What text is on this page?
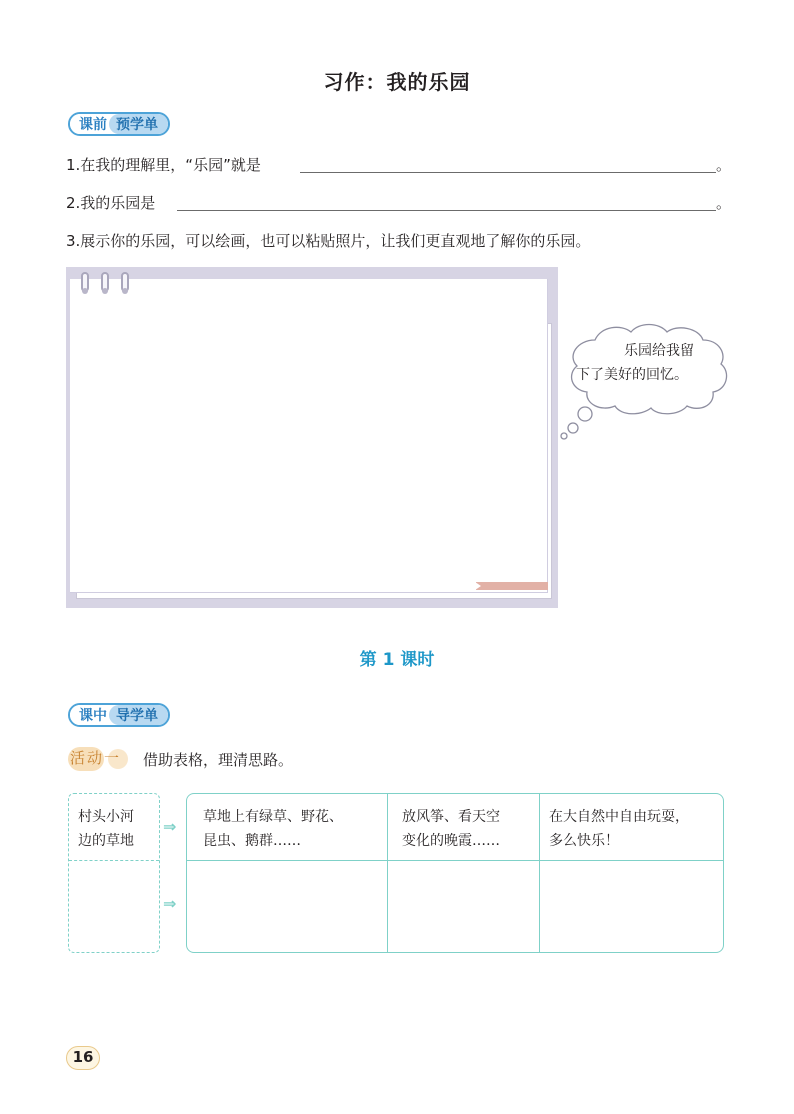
习作：我的乐园
课前 预学单
1.在我的理解里，“乐园”就是	。
2.我的乐园是	。
3.展示你的乐园，可以绘画，也可以粘贴照片，让我们更直观地了解你的乐园。
乐园给我留
下了美好的回忆。
第 1 课时
课中 导学单
活动一 借助表格，理清思路。
村头小河
边的草地
草地上有绿草、野花、
昆虫、鹅群……
放风筝、看天空
变化的晚霞……
在大自然中自由玩耍，
多么快乐！
⇒
⇒
16
